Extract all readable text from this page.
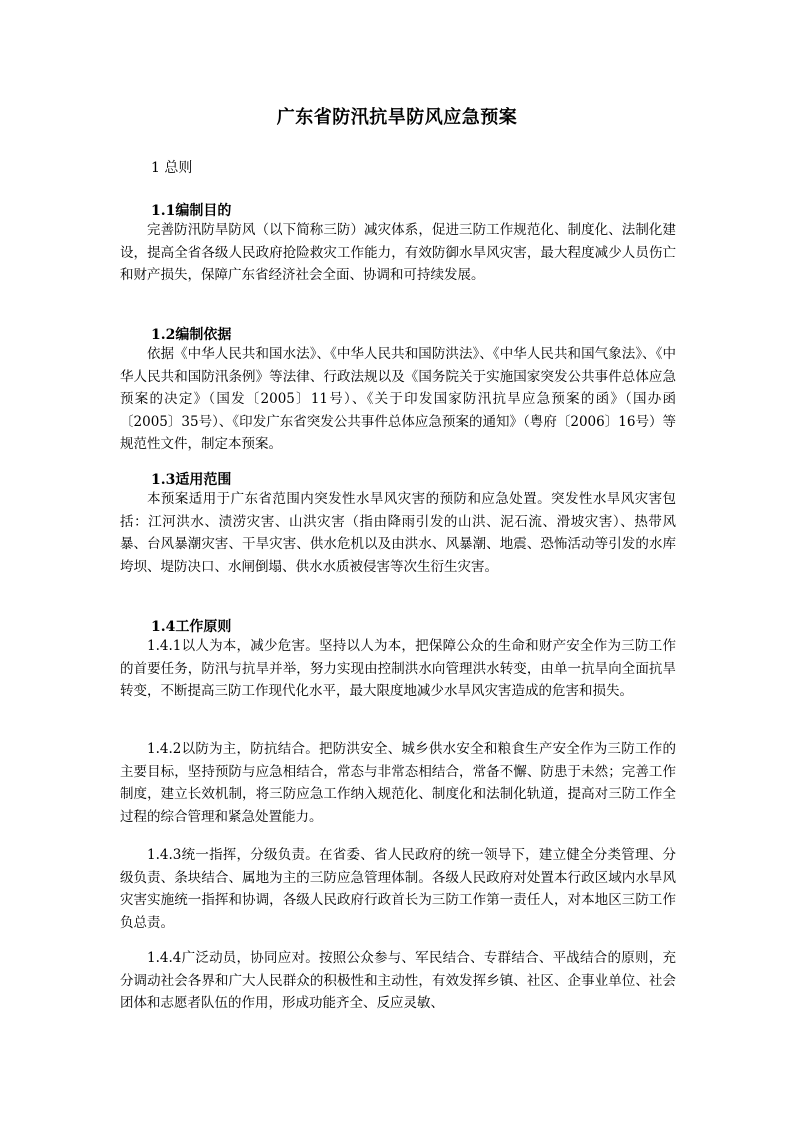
广东省防汛抗旱防风应急预案
1 总则
1.1编制目的
完善防汛防旱防风（以下简称三防）减灾体系，促进三防工作规范化、制度化、法制化建设，提高全省各级人民政府抢险救灾工作能力，有效防御水旱风灾害，最大程度减少人员伤亡和财产损失，保障广东省经济社会全面、协调和可持续发展。
1.2编制依据
依据《中华人民共和国水法》、《中华人民共和国防洪法》、《中华人民共和国气象法》、《中华人民共和国防汛条例》等法律、行政法规以及《国务院关于实施国家突发公共事件总体应急预案的决定》（国发〔2005〕11号）、《关于印发国家防汛抗旱应急预案的函》（国办函〔2005〕35号）、《印发广东省突发公共事件总体应急预案的通知》（粤府〔2006〕16号）等规范性文件，制定本预案。
1.3适用范围
本预案适用于广东省范围内突发性水旱风灾害的预防和应急处置。突发性水旱风灾害包括：江河洪水、渍涝灾害、山洪灾害（指由降雨引发的山洪、泥石流、滑坡灾害）、热带风暴、台风暴潮灾害、干旱灾害、供水危机以及由洪水、风暴潮、地震、恐怖活动等引发的水库垮坝、堤防决口、水闸倒塌、供水水质被侵害等次生衍生灾害。
1.4工作原则
1.4.1以人为本，减少危害。坚持以人为本，把保障公众的生命和财产安全作为三防工作的首要任务，防汛与抗旱并举，努力实现由控制洪水向管理洪水转变，由单一抗旱向全面抗旱转变，不断提高三防工作现代化水平，最大限度地减少水旱风灾害造成的危害和损失。
1.4.2以防为主，防抗结合。把防洪安全、城乡供水安全和粮食生产安全作为三防工作的主要目标，坚持预防与应急相结合，常态与非常态相结合，常备不懈、防患于未然；完善工作制度，建立长效机制，将三防应急工作纳入规范化、制度化和法制化轨道，提高对三防工作全过程的综合管理和紧急处置能力。
1.4.3统一指挥，分级负责。在省委、省人民政府的统一领导下，建立健全分类管理、分级负责、条块结合、属地为主的三防应急管理体制。各级人民政府对处置本行政区域内水旱风灾害实施统一指挥和协调，各级人民政府行政首长为三防工作第一责任人，对本地区三防工作负总责。
1.4.4广泛动员，协同应对。按照公众参与、军民结合、专群结合、平战结合的原则，充分调动社会各界和广大人民群众的积极性和主动性，有效发挥乡镇、社区、企事业单位、社会团体和志愿者队伍的作用，形成功能齐全、反应灵敏、
